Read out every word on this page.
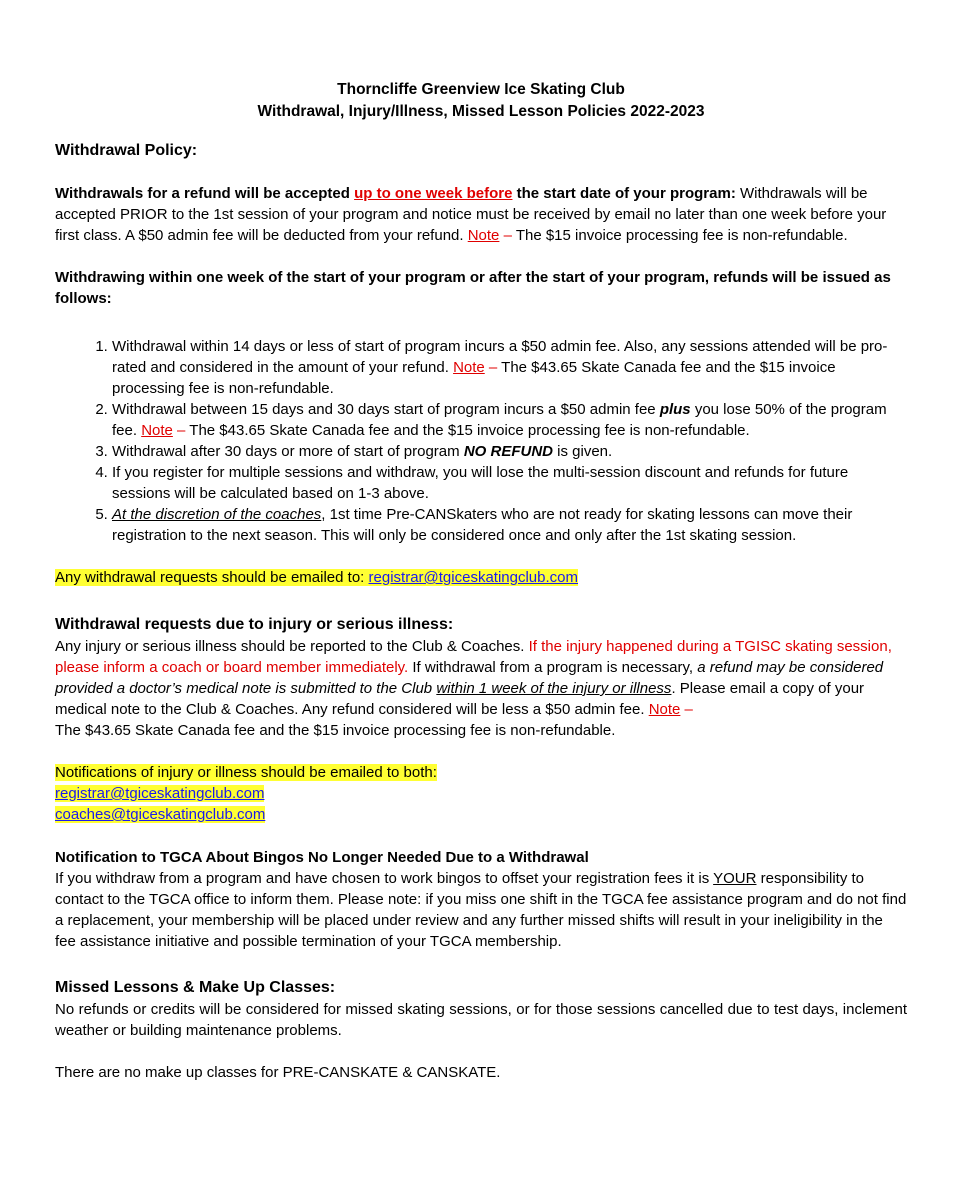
Thorncliffe Greenview Ice Skating Club
Withdrawal, Injury/Illness, Missed Lesson Policies 2022-2023
Withdrawal Policy:

Withdrawals for a refund will be accepted up to one week before the start date of your program: Withdrawals will be accepted PRIOR to the 1st session of your program and notice must be received by email no later than one week before your first class. A $50 admin fee will be deducted from your refund. Note – The $15 invoice processing fee is non-refundable.

Withdrawing within one week of the start of your program or after the start of your program, refunds will be issued as follows:

1. Withdrawal within 14 days or less of start of program incurs a $50 admin fee. Also, any sessions attended will be pro-rated and considered in the amount of your refund. Note – The $43.65 Skate Canada fee and the $15 invoice processing fee is non-refundable.
2. Withdrawal between 15 days and 30 days start of program incurs a $50 admin fee plus you lose 50% of the program fee. Note – The $43.65 Skate Canada fee and the $15 invoice processing fee is non-refundable.
3. Withdrawal after 30 days or more of start of program NO REFUND is given.
4. If you register for multiple sessions and withdraw, you will lose the multi-session discount and refunds for future sessions will be calculated based on 1-3 above.
5. At the discretion of the coaches, 1st time Pre-CANSkaters who are not ready for skating lessons can move their registration to the next season. This will only be considered once and only after the 1st skating session.

Any withdrawal requests should be emailed to: registrar@tgiceskatingclub.com

Withdrawal requests due to injury or serious illness:

Any injury or serious illness should be reported to the Club & Coaches. If the injury happened during a TGISC skating session, please inform a coach or board member immediately. If withdrawal from a program is necessary, a refund may be considered provided a doctor’s medical note is submitted to the Club within 1 week of the injury or illness. Please email a copy of your medical note to the Club & Coaches. Any refund considered will be less a $50 admin fee. Note –
The $43.65 Skate Canada fee and the $15 invoice processing fee is non-refundable.

Notifications of injury or illness should be emailed to both:

registrar@tgiceskatingclub.com

coaches@tgiceskatingclub.com

Notification to TGCA About Bingos No Longer Needed Due to a Withdrawal

If you withdraw from a program and have chosen to work bingos to offset your registration fees it is YOUR responsibility to contact to the TGCA office to inform them. Please note: if you miss one shift in the TGCA fee assistance program and do not find a replacement, your membership will be placed under review and any further missed shifts will result in your ineligibility in the fee assistance initiative and possible termination of your TGCA membership.

Missed Lessons & Make Up Classes:

No refunds or credits will be considered for missed skating sessions, or for those sessions cancelled due to test days, inclement weather or building maintenance problems.

There are no make up classes for PRE-CANSKATE & CANSKATE.
